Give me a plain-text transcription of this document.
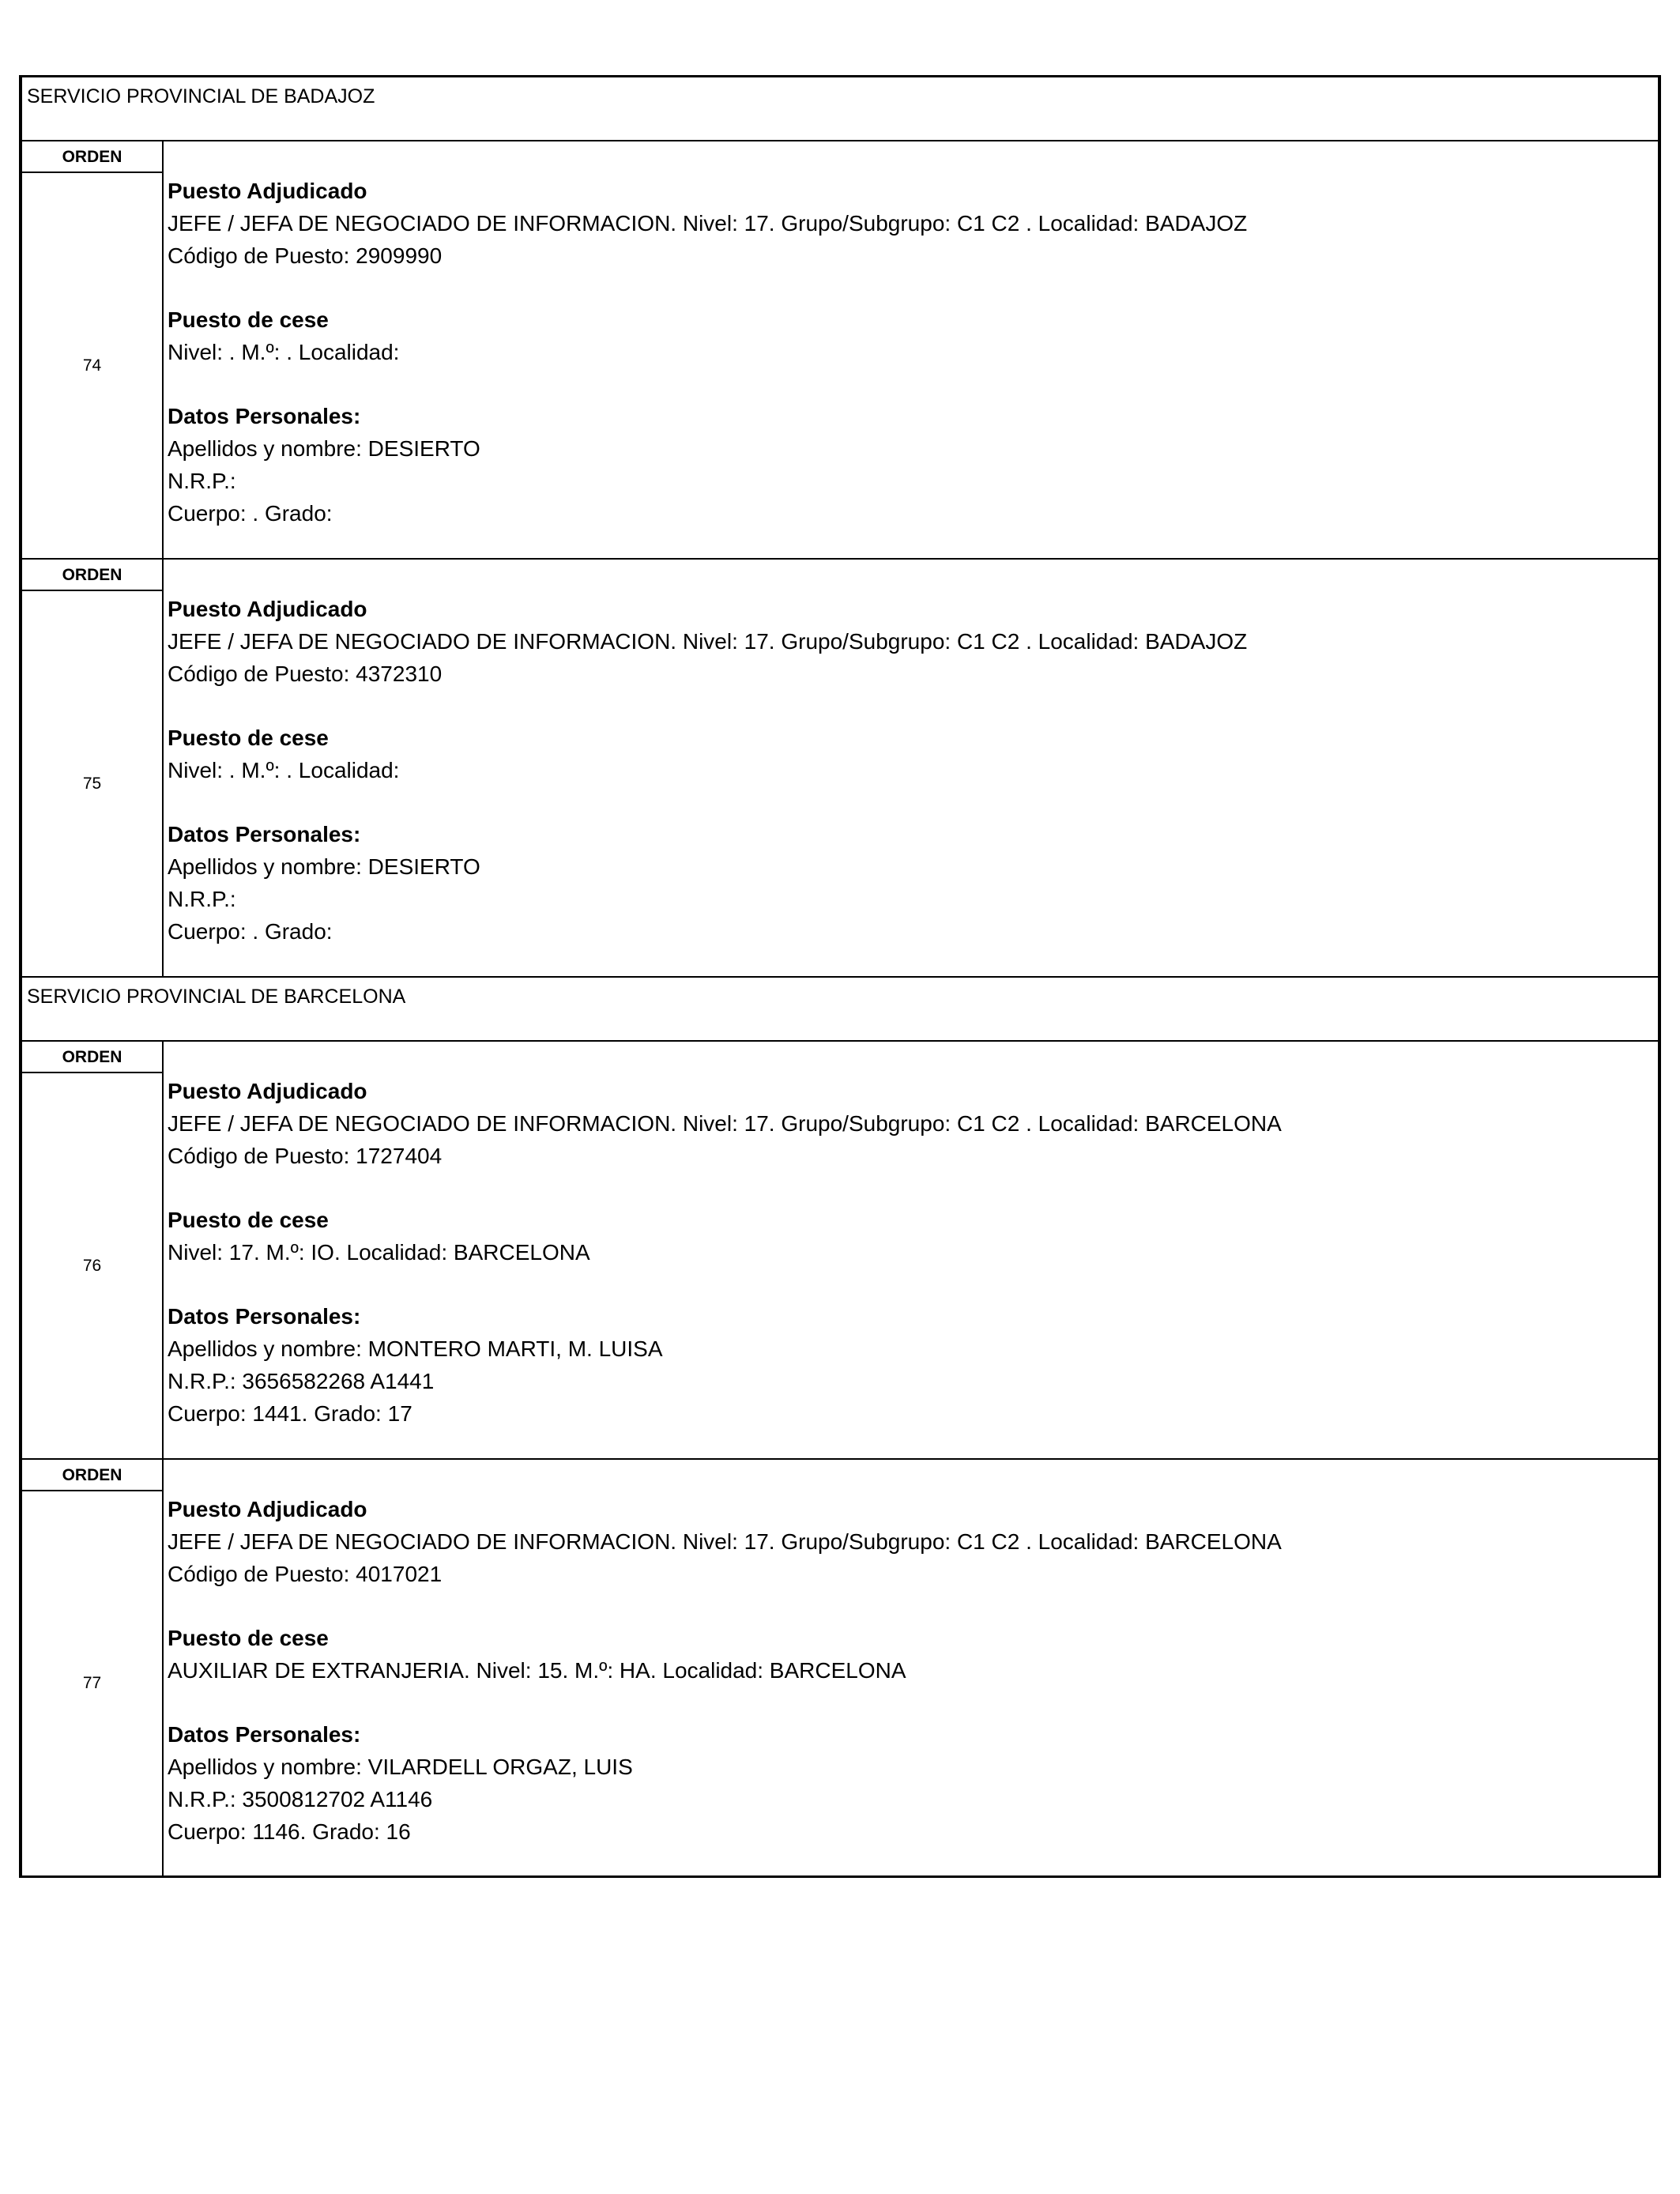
SERVICIO PROVINCIAL DE BADAJOZ
ORDEN
74
Puesto Adjudicado
JEFE / JEFA DE NEGOCIADO DE INFORMACION. Nivel: 17. Grupo/Subgrupo: C1 C2 . Localidad: BADAJOZ
Código de Puesto: 2909990
Puesto de cese
Nivel: . M.º: . Localidad:
Datos Personales:
Apellidos y nombre: DESIERTO
N.R.P.:
Cuerpo: . Grado:
ORDEN
75
Puesto Adjudicado
JEFE / JEFA DE NEGOCIADO DE INFORMACION. Nivel: 17. Grupo/Subgrupo: C1 C2 . Localidad: BADAJOZ
Código de Puesto: 4372310
Puesto de cese
Nivel: . M.º: . Localidad:
Datos Personales:
Apellidos y nombre: DESIERTO
N.R.P.:
Cuerpo: . Grado:
SERVICIO PROVINCIAL DE BARCELONA
ORDEN
76
Puesto Adjudicado
JEFE / JEFA DE NEGOCIADO DE INFORMACION. Nivel: 17. Grupo/Subgrupo: C1 C2 . Localidad: BARCELONA
Código de Puesto: 1727404
Puesto de cese
Nivel: 17. M.º: IO. Localidad: BARCELONA
Datos Personales:
Apellidos y nombre: MONTERO MARTI, M. LUISA
N.R.P.: 3656582268 A1441
Cuerpo: 1441. Grado: 17
ORDEN
77
Puesto Adjudicado
JEFE / JEFA DE NEGOCIADO DE INFORMACION. Nivel: 17. Grupo/Subgrupo: C1 C2 . Localidad: BARCELONA
Código de Puesto: 4017021
Puesto de cese
AUXILIAR DE EXTRANJERIA. Nivel: 15. M.º: HA. Localidad: BARCELONA
Datos Personales:
Apellidos y nombre: VILARDELL ORGAZ, LUIS
N.R.P.: 3500812702 A1146
Cuerpo: 1146. Grado: 16
